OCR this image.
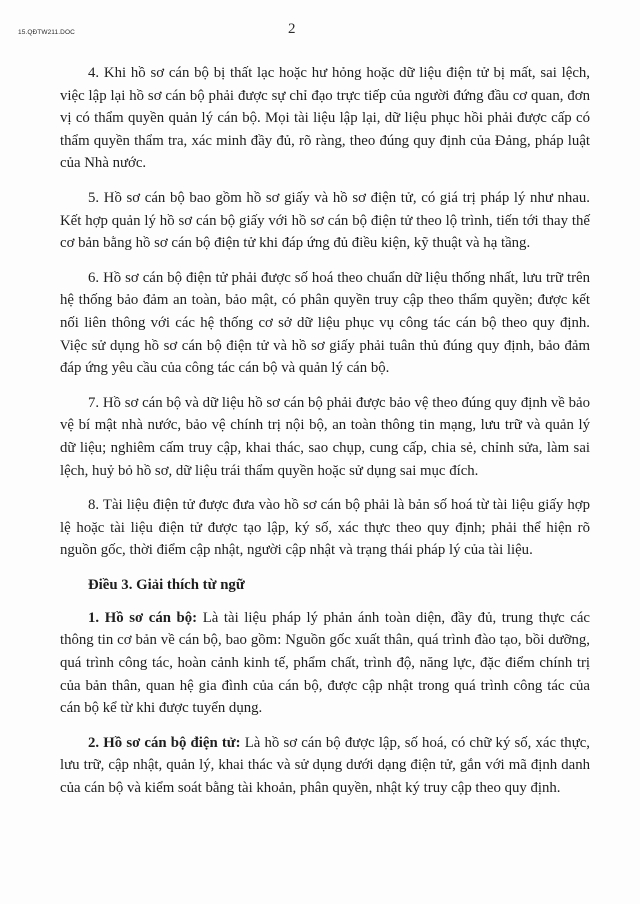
15.QĐTW211.DOC	2

4. Khi hồ sơ cán bộ bị thất lạc hoặc hư hỏng hoặc dữ liệu điện tử bị mất, sai lệch, việc lập lại hồ sơ cán bộ phải được sự chỉ đạo trực tiếp của người đứng đầu cơ quan, đơn vị có thẩm quyền quản lý cán bộ. Mọi tài liệu lập lại, dữ liệu phục hồi phải được cấp có thẩm quyền thẩm tra, xác minh đầy đủ, rõ ràng, theo đúng quy định của Đảng, pháp luật của Nhà nước.

5. Hồ sơ cán bộ bao gồm hồ sơ giấy và hồ sơ điện tử, có giá trị pháp lý như nhau. Kết hợp quản lý hồ sơ cán bộ giấy với hồ sơ cán bộ điện tử theo lộ trình, tiến tới thay thế cơ bản bằng hồ sơ cán bộ điện tử khi đáp ứng đủ điều kiện, kỹ thuật và hạ tầng.

6. Hồ sơ cán bộ điện tử phải được số hoá theo chuẩn dữ liệu thống nhất, lưu trữ trên hệ thống bảo đảm an toàn, bảo mật, có phân quyền truy cập theo thẩm quyền; được kết nối liên thông với các hệ thống cơ sở dữ liệu phục vụ công tác cán bộ theo quy định. Việc sử dụng hồ sơ cán bộ điện tử và hồ sơ giấy phải tuân thủ đúng quy định, bảo đảm đáp ứng yêu cầu của công tác cán bộ và quản lý cán bộ.

7. Hồ sơ cán bộ và dữ liệu hồ sơ cán bộ phải được bảo vệ theo đúng quy định về bảo vệ bí mật nhà nước, bảo vệ chính trị nội bộ, an toàn thông tin mạng, lưu trữ và quản lý dữ liệu; nghiêm cấm truy cập, khai thác, sao chụp, cung cấp, chia sẻ, chỉnh sửa, làm sai lệch, huỷ bỏ hồ sơ, dữ liệu trái thẩm quyền hoặc sử dụng sai mục đích.

8. Tài liệu điện tử được đưa vào hồ sơ cán bộ phải là bản số hoá từ tài liệu giấy hợp lệ hoặc tài liệu điện tử được tạo lập, ký số, xác thực theo quy định; phải thể hiện rõ nguồn gốc, thời điểm cập nhật, người cập nhật và trạng thái pháp lý của tài liệu.

Điều 3. Giải thích từ ngữ

1. Hồ sơ cán bộ: Là tài liệu pháp lý phản ánh toàn diện, đầy đủ, trung thực các thông tin cơ bản về cán bộ, bao gồm: Nguồn gốc xuất thân, quá trình đào tạo, bồi dưỡng, quá trình công tác, hoàn cảnh kinh tế, phẩm chất, trình độ, năng lực, đặc điểm chính trị của bản thân, quan hệ gia đình của cán bộ, được cập nhật trong quá trình công tác của cán bộ kể từ khi được tuyển dụng.

2. Hồ sơ cán bộ điện tử: Là hồ sơ cán bộ được lập, số hoá, có chữ ký số, xác thực, lưu trữ, cập nhật, quản lý, khai thác và sử dụng dưới dạng điện tử, gắn với mã định danh của cán bộ và kiểm soát bằng tài khoản, phân quyền, nhật ký truy cập theo quy định.
